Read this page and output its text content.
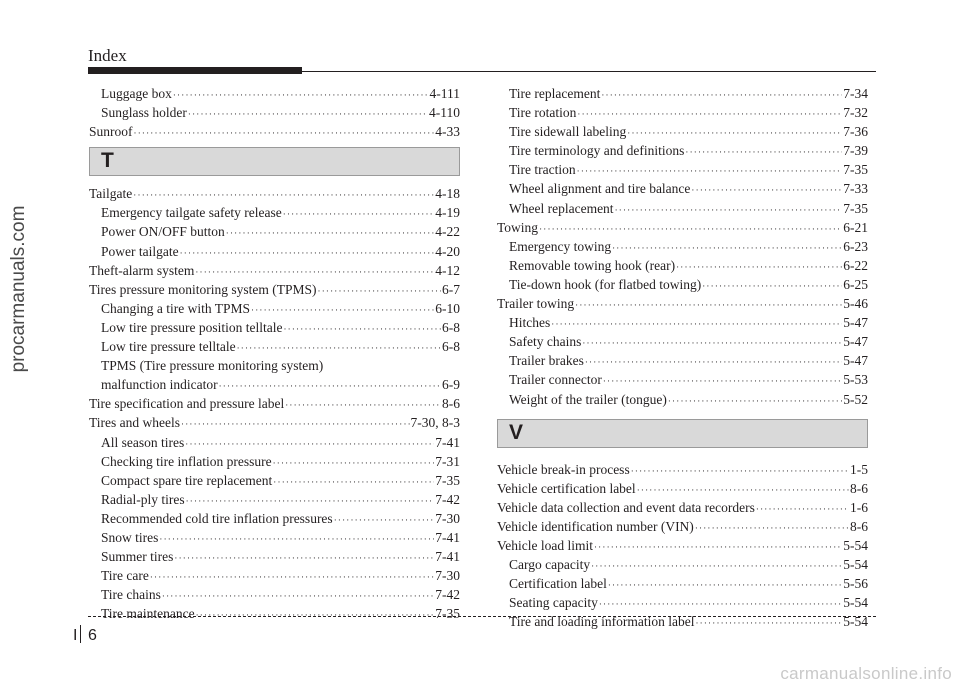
Index
procarmanuals.com
Luggage box ·····	4-111
Sunglass holder ·····	4-110
Sunroof ·····	4-33
T
Tailgate ·····	4-18
Emergency tailgate safety release ·····	4-19
Power ON/OFF button ·····	4-22
Power tailgate ·····	4-20
Theft-alarm system ·····	4-12
Tires pressure monitoring system (TPMS) ·····	6-7
Changing a tire with TPMS ·····	6-10
Low tire pressure position telltale ·····	6-8
Low tire pressure telltale ·····	6-8
TPMS (Tire pressure monitoring system)
malfunction indicator ·····	6-9
Tire specification and pressure label ·····	8-6
Tires and wheels ·····	7-30, 8-3
All season tires ·····	7-41
Checking tire inflation pressure ·····	7-31
Compact spare tire replacement ·····	7-35
Radial-ply tires ·····	7-42
Recommended cold tire inflation pressures ·····	7-30
Snow tires ·····	7-41
Summer tires ·····	7-41
Tire care ·····	7-30
Tire chains ·····	7-42
Tire maintenance ·····	7-35
Tire replacement ·····	7-34
Tire rotation ·····	7-32
Tire sidewall labeling ·····	7-36
Tire terminology and definitions ·····	7-39
Tire traction ·····	7-35
Wheel alignment and tire balance ·····	7-33
Wheel replacement ·····	7-35
Towing ·····	6-21
Emergency towing ·····	6-23
Removable towing hook (rear) ·····	6-22
Tie-down hook (for flatbed towing) ·····	6-25
Trailer towing ·····	5-46
Hitches ·····	5-47
Safety chains ·····	5-47
Trailer brakes ·····	5-47
Trailer connector ·····	5-53
Weight of the trailer (tongue) ·····	5-52
V
Vehicle break-in process ·····	1-5
Vehicle certification label ·····	8-6
Vehicle data collection and event data recorders ·····	1-6
Vehicle identification number (VIN) ·····	8-6
Vehicle load limit ·····	5-54
Cargo capacity ·····	5-54
Certification label ·····	5-56
Seating capacity ·····	5-54
Tire and loading information label ·····	5-54
I 6
carmanualsonline.info
